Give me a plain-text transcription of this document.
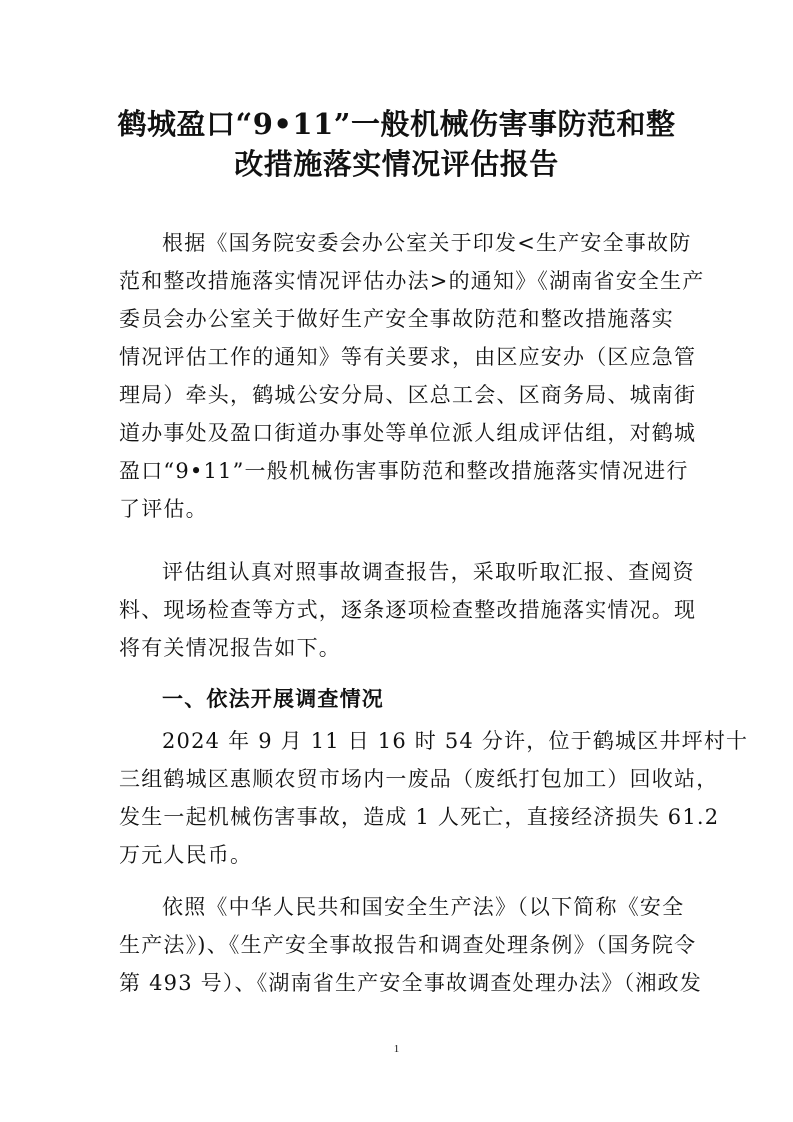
鹤城盈口“9•11”一般机械伤害事防范和整
改措施落实情况评估报告
根据《国务院安委会办公室关于印发<生产安全事故防
范和整改措施落实情况评估办法>的通知》《湖南省安全生产
委员会办公室关于做好生产安全事故防范和整改措施落实
情况评估工作的通知》等有关要求，由区应安办（区应急管
理局）牵头，鹤城公安分局、区总工会、区商务局、城南街
道办事处及盈口街道办事处等单位派人组成评估组，对鹤城
盈口“9•11”一般机械伤害事防范和整改措施落实情况进行
了评估。
评估组认真对照事故调查报告，采取听取汇报、查阅资
料、现场检查等方式，逐条逐项检查整改措施落实情况。现
将有关情况报告如下。
一、依法开展调查情况
2024 年 9 月 11 日 16 时 54 分许，位于鹤城区井坪村十
三组鹤城区惠顺农贸市场内一废品（废纸打包加工）回收站，
发生一起机械伤害事故，造成 1 人死亡，直接经济损失 61.2
万元人民币。
依照《中华人民共和国安全生产法》（以下简称《安全
生产法》)、《生产安全事故报告和调查处理条例》（国务院令
第 493 号）、《湖南省生产安全事故调查处理办法》（湘政发
1
